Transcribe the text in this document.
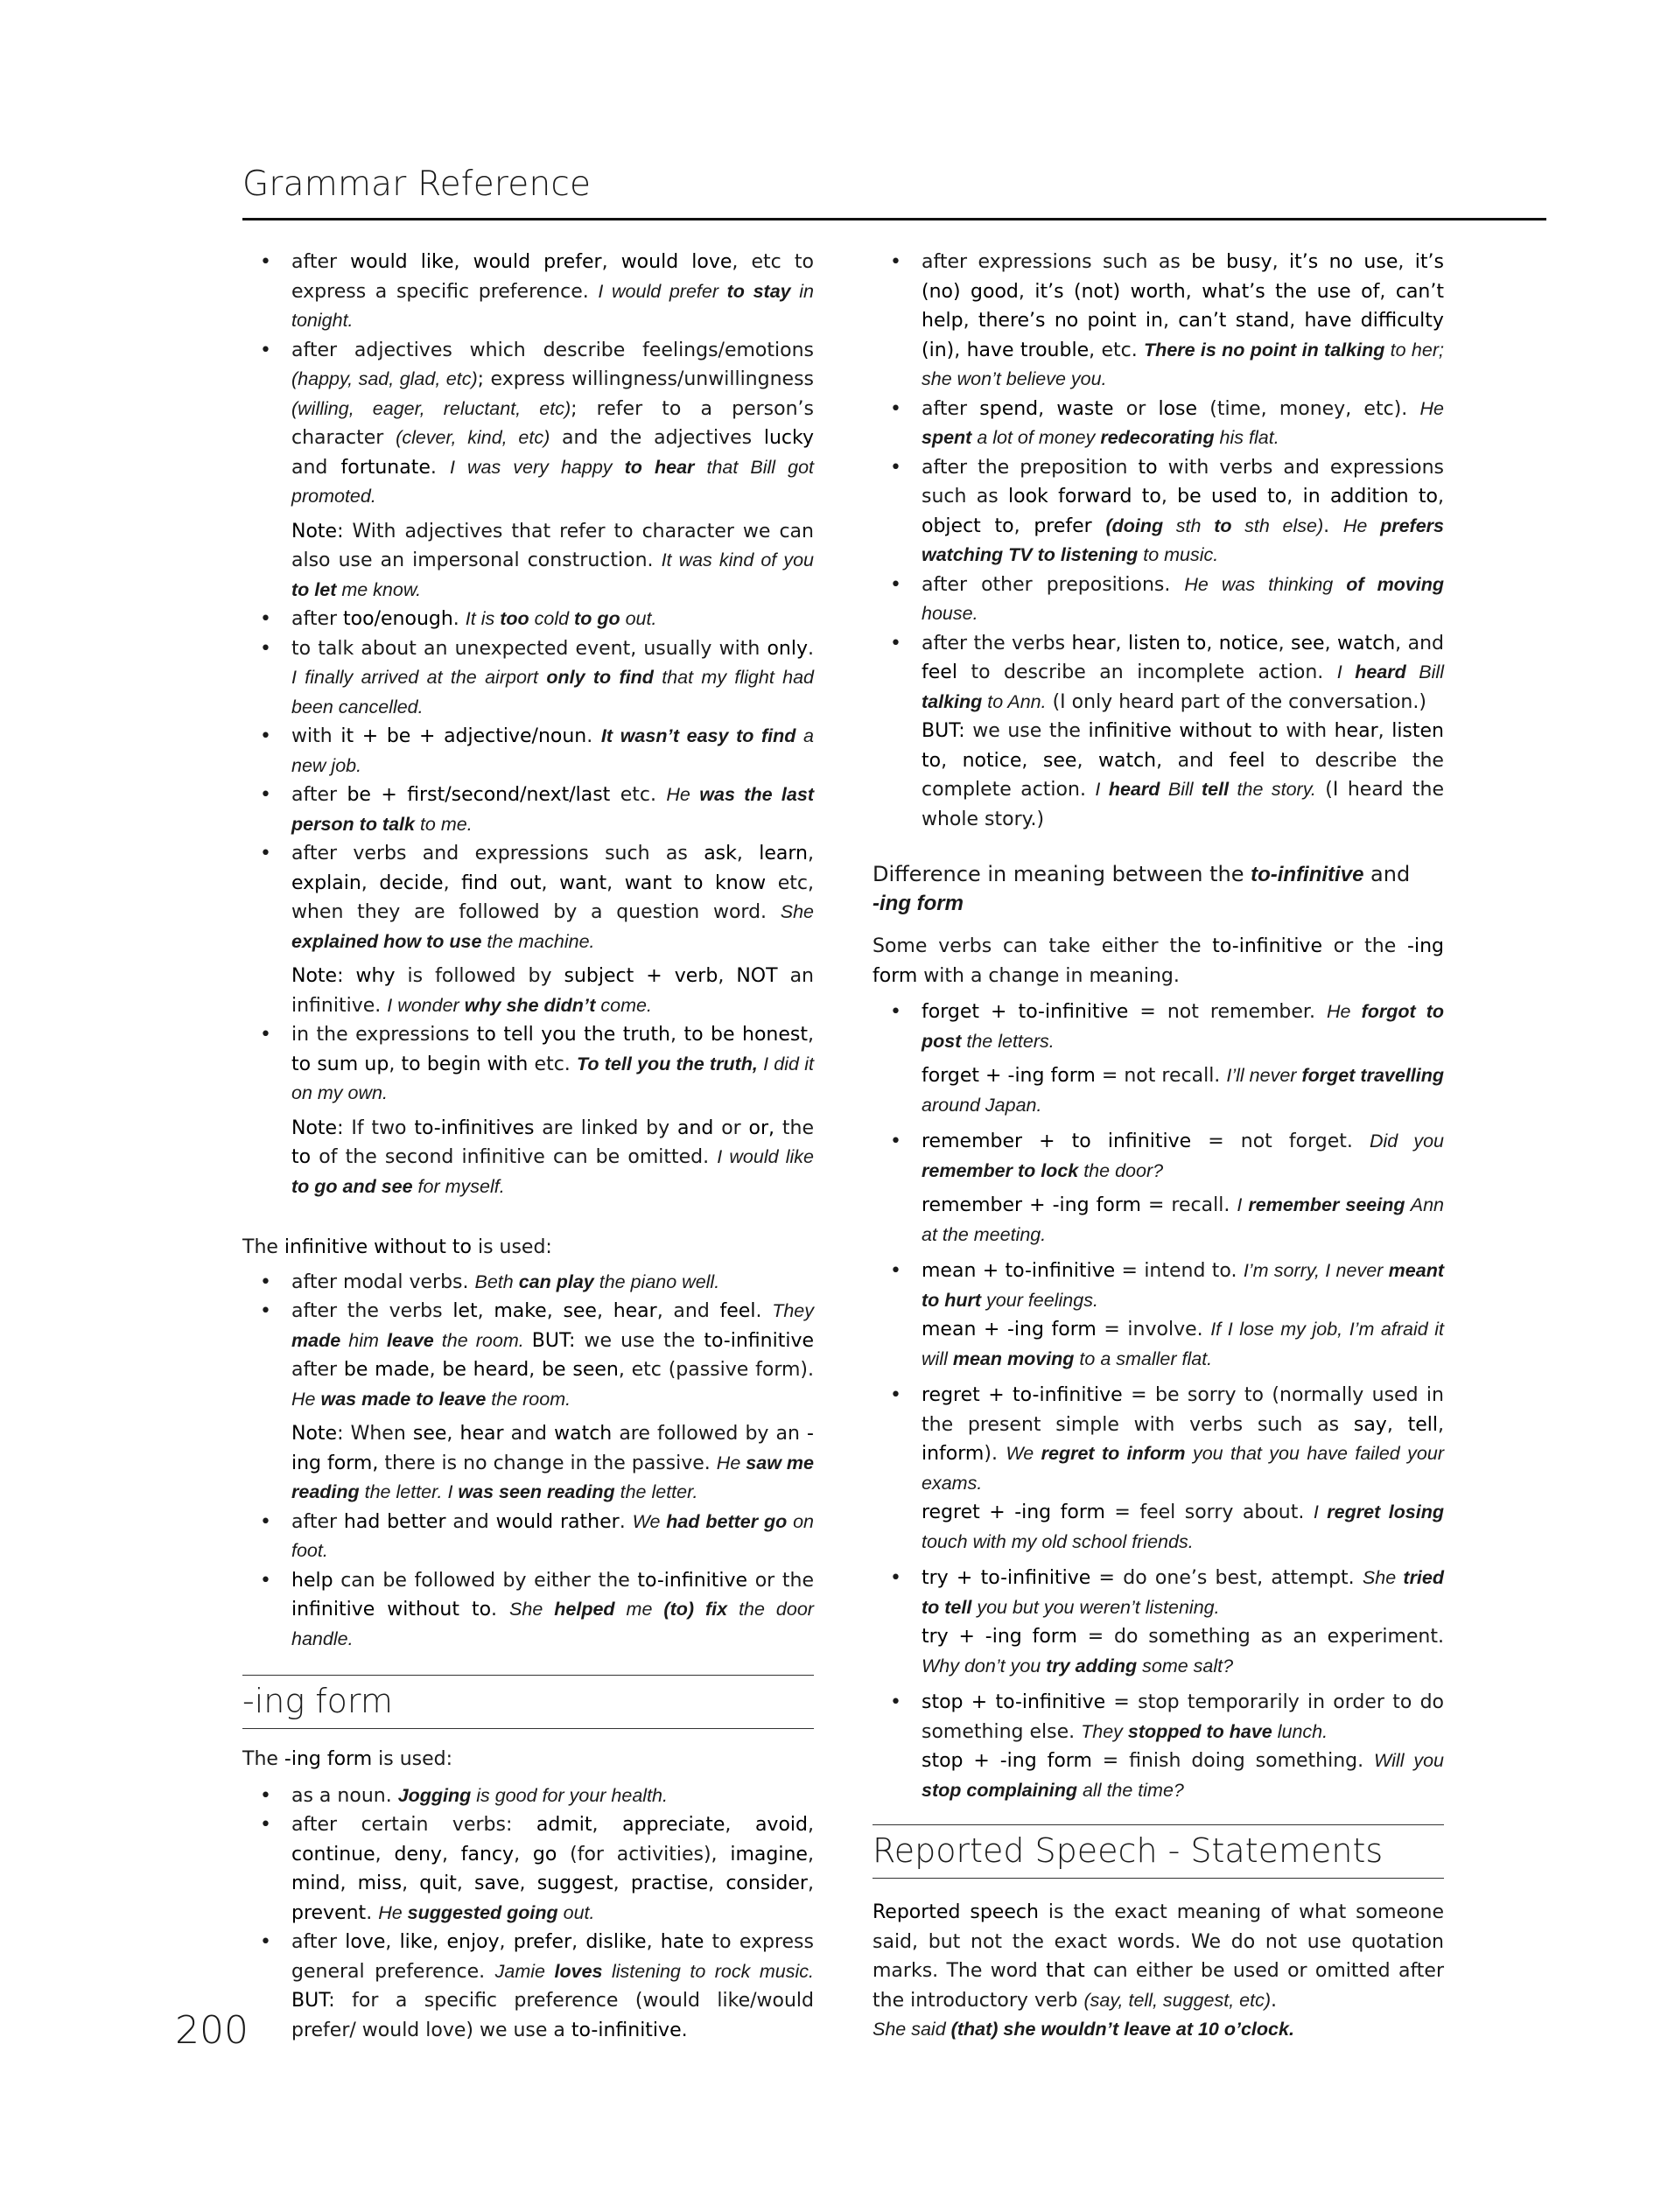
Grammar Reference
• after would like, would prefer, would love, etc to express a specific preference. I would prefer to stay in tonight.
• after adjectives which describe feelings/emotions (happy, sad, glad, etc); express willingness/unwillingness (willing, eager, reluctant, etc); refer to a person’s character (clever, kind, etc) and the adjectives lucky and fortunate. I was very happy to hear that Bill got promoted.
Note: With adjectives that refer to character we can also use an impersonal construction. It was kind of you to let me know.
• after too/enough. It is too cold to go out.
• to talk about an unexpected event, usually with only. I finally arrived at the airport only to find that my flight had been cancelled.
• with it + be + adjective/noun. It wasn’t easy to find a new job.
• after be + first/second/next/last etc. He was the last person to talk to me.
• after verbs and expressions such as ask, learn, explain, decide, find out, want, want to know etc, when they are followed by a question word. She explained how to use the machine.
Note: why is followed by subject + verb, NOT an infinitive. I wonder why she didn’t come.
• in the expressions to tell you the truth, to be honest, to sum up, to begin with etc. To tell you the truth, I did it on my own.
Note: If two to-infinitives are linked by and or or, the to of the second infinitive can be omitted. I would like to go and see for myself.

The infinitive without to is used:

• after modal verbs. Beth can play the piano well.
• after the verbs let, make, see, hear, and feel. They made him leave the room. BUT: we use the to-infinitive after be made, be heard, be seen, etc (passive form). He was made to leave the room.
Note: When see, hear and watch are followed by an -ing form, there is no change in the passive. He saw me reading the letter. I was seen reading the letter.
• after had better and would rather. We had better go on foot.
• help can be followed by either the to-infinitive or the infinitive without to. She helped me (to) fix the door handle.
-ing form

The -ing form is used:

• as a noun. Jogging is good for your health.
• after certain verbs: admit, appreciate, avoid, continue, deny, fancy, go (for activities), imagine, mind, miss, quit, save, suggest, practise, consider, prevent. He suggested going out.
• after love, like, enjoy, prefer, dislike, hate to express general preference. Jamie loves listening to rock music. BUT: for a specific preference (would like/would prefer/ would love) we use a to-infinitive.
• after expressions such as be busy, it’s no use, it’s (no) good, it’s (not) worth, what’s the use of, can’t help, there’s no point in, can’t stand, have difficulty (in), have trouble, etc. There is no point in talking to her; she won’t believe you.
• after spend, waste or lose (time, money, etc). He spent a lot of money redecorating his flat.
• after the preposition to with verbs and expressions such as look forward to, be used to, in addition to, object to, prefer (doing sth to sth else). He prefers watching TV to listening to music.
• after other prepositions. He was thinking of moving house.
• after the verbs hear, listen to, notice, see, watch, and feel to describe an incomplete action. I heard Bill talking to Ann. (I only heard part of the conversation.)
BUT: we use the infinitive without to with hear, listen to, notice, see, watch, and feel to describe the complete action. I heard Bill tell the story. (I heard the whole story.)
Difference in meaning between the to-infinitive and
-ing form

Some verbs can take either the to-infinitive or the -ing form with a change in meaning.

• forget + to-infinitive = not remember. He forgot to post the letters.
forget + -ing form = not recall. I’ll never forget travelling around Japan.
• remember + to infinitive = not forget. Did you remember to lock the door?
remember + -ing form = recall. I remember seeing Ann at the meeting.
• mean + to-infinitive = intend to. I’m sorry, I never meant to hurt your feelings.
mean + -ing form = involve. If I lose my job, I’m afraid it will mean moving to a smaller flat.
• regret + to-infinitive = be sorry to (normally used in the present simple with verbs such as say, tell, inform). We regret to inform you that you have failed your exams.
regret + -ing form = feel sorry about. I regret losing touch with my old school friends.
• try + to-infinitive = do one’s best, attempt. She tried to tell you but you weren’t listening.
try + -ing form = do something as an experiment. Why don’t you try adding some salt?
• stop + to-infinitive = stop temporarily in order to do something else. They stopped to have lunch.
stop + -ing form = finish doing something. Will you stop complaining all the time?
Reported Speech - Statements

Reported speech is the exact meaning of what someone said, but not the exact words. We do not use quotation marks. The word that can either be used or omitted after the introductory verb (say, tell, suggest, etc).

She said (that) she wouldn’t leave at 10 o’clock.

200
